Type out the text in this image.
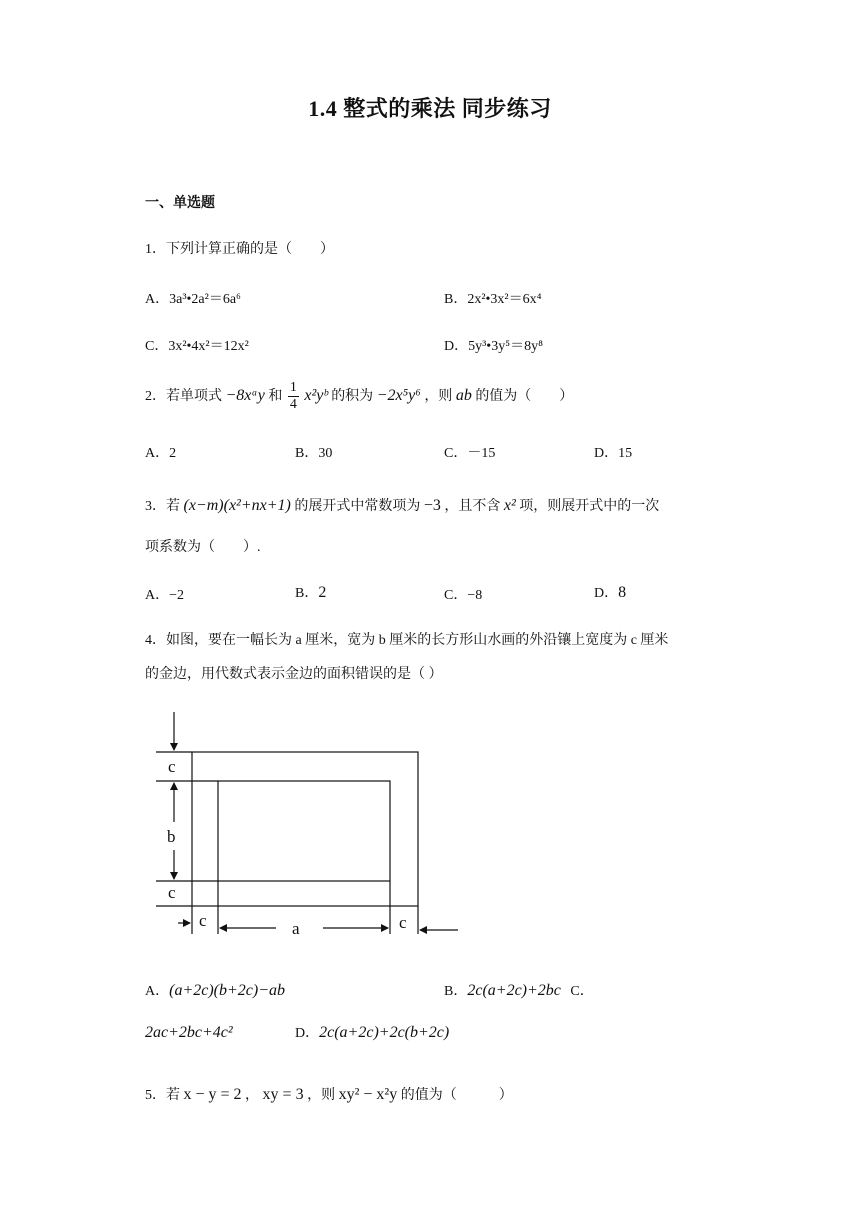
1.4 整式的乘法 同步练习
一、单选题
1．下列计算正确的是（　　）
A．3a³•2a²＝6a⁶	B．2x²•3x²＝6x⁴
C．3x²•4x²＝12x²	D．5y³•3y⁵＝8y⁸
2．若单项式 −8xᵃy 和 $\frac{1}{4}$ x²yᵇ 的积为 −2x⁵y⁶ ，则 ab 的值为（　　）
A．2	B．30	C．－15	D．15
3．若 (x−m)(x²+nx+1) 的展开式中常数项为 −3 ，且不含 x² 项，则展开式中的一次
项系数为（　　）.
A．−2	B．2	C．−8	D．8
4．如图，要在一幅长为 a 厘米，宽为 b 厘米的长方形山水画的外沿镶上宽度为 c 厘米
的金边，用代数式表示金边的面积错误的是（ ）
c
b
c
c	a	c
A．(a+2c)(b+2c)−ab	B．2c(a+2c)+2bc C．
2ac+2bc+4c²	D．2c(a+2c)+2c(b+2c)
5．若 x − y = 2 ， xy = 3 ，则 xy² − x²y 的值为（　　　）
